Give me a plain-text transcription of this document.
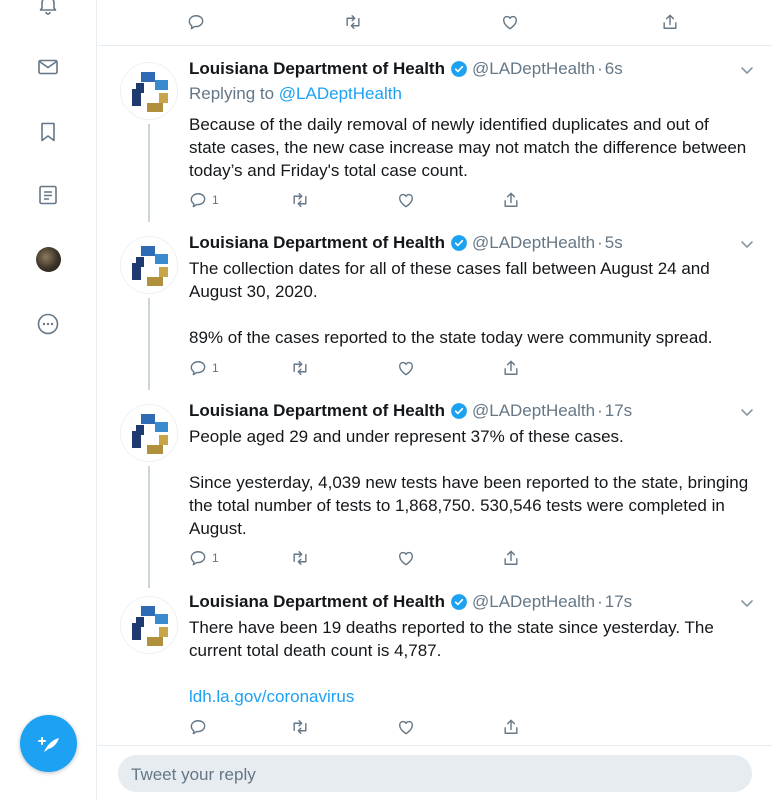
Louisiana Department of Health @LADeptHealth · 6s
Replying to @LADeptHealth

Because of the daily removal of newly identified duplicates and out of state cases, the new case increase may not match the difference between today’s and Friday's total case count.

1
Louisiana Department of Health @LADeptHealth · 5s

The collection dates for all of these cases fall between August 24 and August 30, 2020.

89% of the cases reported to the state today were community spread.

1
Louisiana Department of Health @LADeptHealth · 17s

People aged 29 and under represent 37% of these cases.

Since yesterday, 4,039 new tests have been reported to the state, bringing the total number of tests to 1,868,750. 530,546 tests were completed in August.

1
Louisiana Department of Health @LADeptHealth · 17s

There have been 19 deaths reported to the state since yesterday. The current total death count is 4,787.

ldh.la.gov/coronavirus

Tweet your reply
